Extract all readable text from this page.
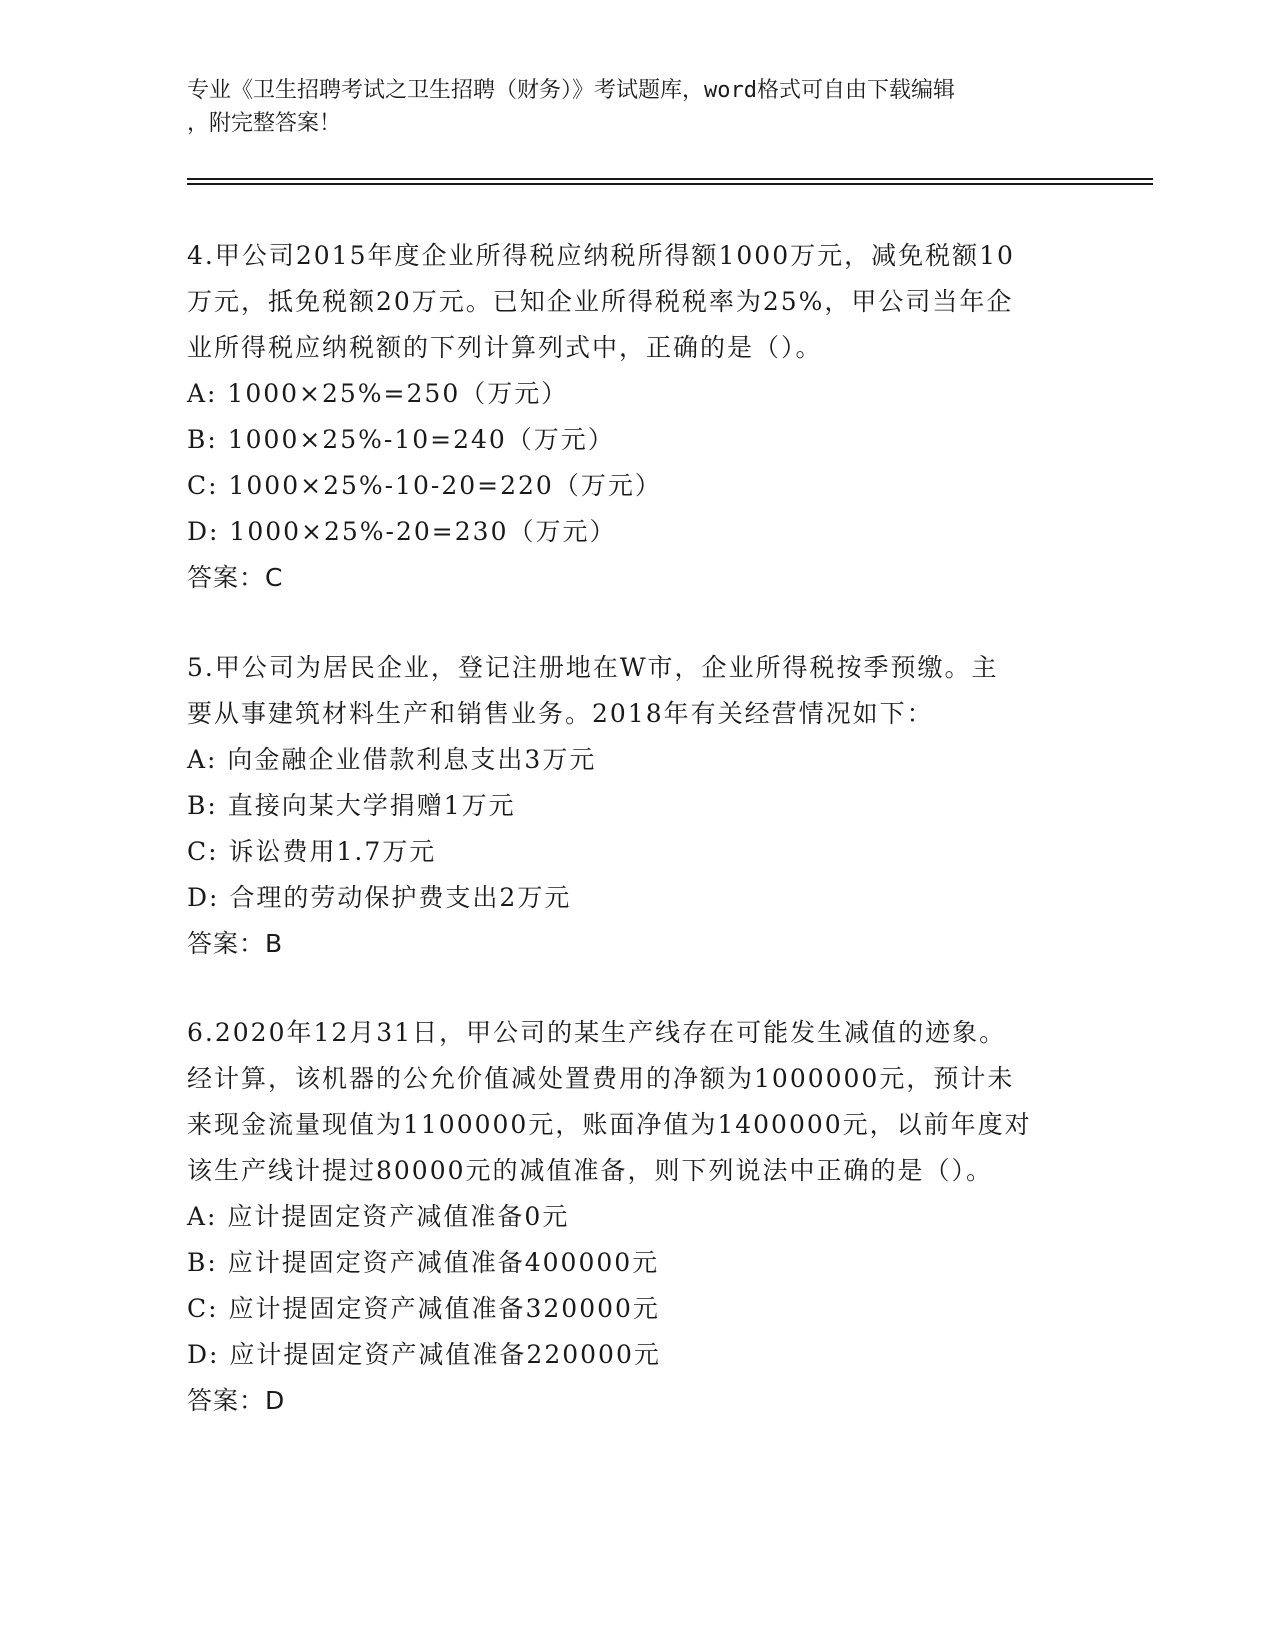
专业《卫生招聘考试之卫生招聘（财务）》考试题库，word格式可自由下载编辑
，附完整答案！
4.甲公司2015年度企业所得税应纳税所得额1000万元，减免税额10
万元，抵免税额20万元。已知企业所得税税率为25%，甲公司当年企
业所得税应纳税额的下列计算列式中，正确的是（）。
A: 1000×25%=250（万元）
B: 1000×25%-10=240（万元）
C: 1000×25%-10-20=220（万元）
D: 1000×25%-20=230（万元）
答案：C
5.甲公司为居民企业，登记注册地在W市，企业所得税按季预缴。主
要从事建筑材料生产和销售业务。2018年有关经营情况如下：
A: 向金融企业借款利息支出3万元
B: 直接向某大学捐赠1万元
C: 诉讼费用1.7万元
D: 合理的劳动保护费支出2万元
答案：B
6.2020年12月31日，甲公司的某生产线存在可能发生减值的迹象。
经计算，该机器的公允价值减处置费用的净额为1000000元，预计未
来现金流量现值为1100000元，账面净值为1400000元，以前年度对
该生产线计提过80000元的减值准备，则下列说法中正确的是（）。
A: 应计提固定资产减值准备0元
B: 应计提固定资产减值准备400000元
C: 应计提固定资产减值准备320000元
D: 应计提固定资产减值准备220000元
答案：D
